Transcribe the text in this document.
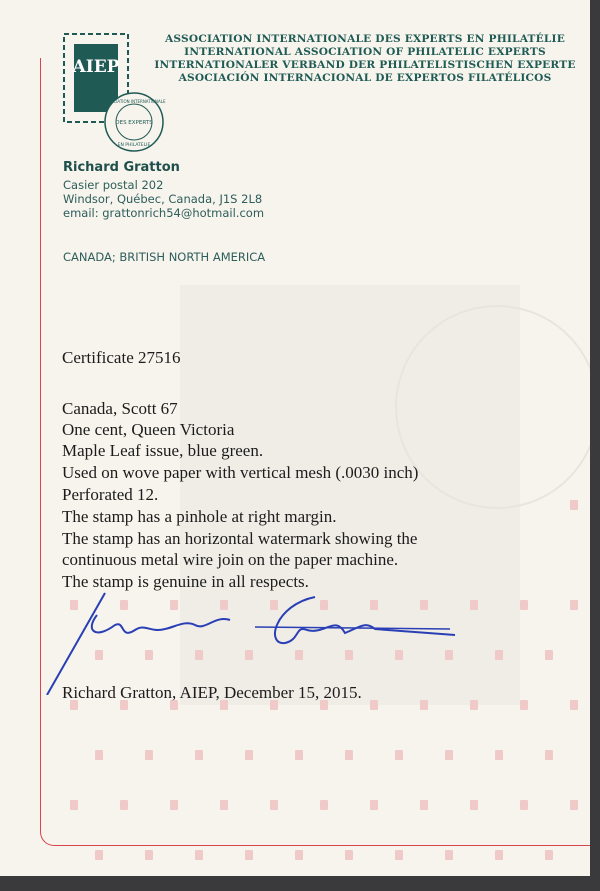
AIEP
ASSOCIATION INTERNATIONALE
DES EXPERTS
EN PHILATELIE
ASSOCIATION INTERNATIONALE DES EXPERTS EN PHILATÉLIE
INTERNATIONAL ASSOCIATION OF PHILATELIC EXPERTS
INTERNATIONALER VERBAND DER PHILATELISTISCHEN EXPERTE
ASOCIACIÓN INTERNACIONAL DE EXPERTOS FILATÉLICOS
Richard Gratton
Casier postal 202
Windsor, Québec, Canada, J1S 2L8
email: grattonrich54@hotmail.com
CANADA; BRITISH NORTH AMERICA
Certificate 27516
Canada, Scott 67
One cent, Queen Victoria
Maple Leaf issue, blue green.
Used on wove paper with vertical mesh (.0030 inch)
Perforated 12.
The stamp has a pinhole at right margin.
The stamp has an horizontal watermark showing the
continuous metal wire join on the paper machine.
The stamp is genuine in all respects.
Richard Gratton, AIEP, December 15, 2015.
